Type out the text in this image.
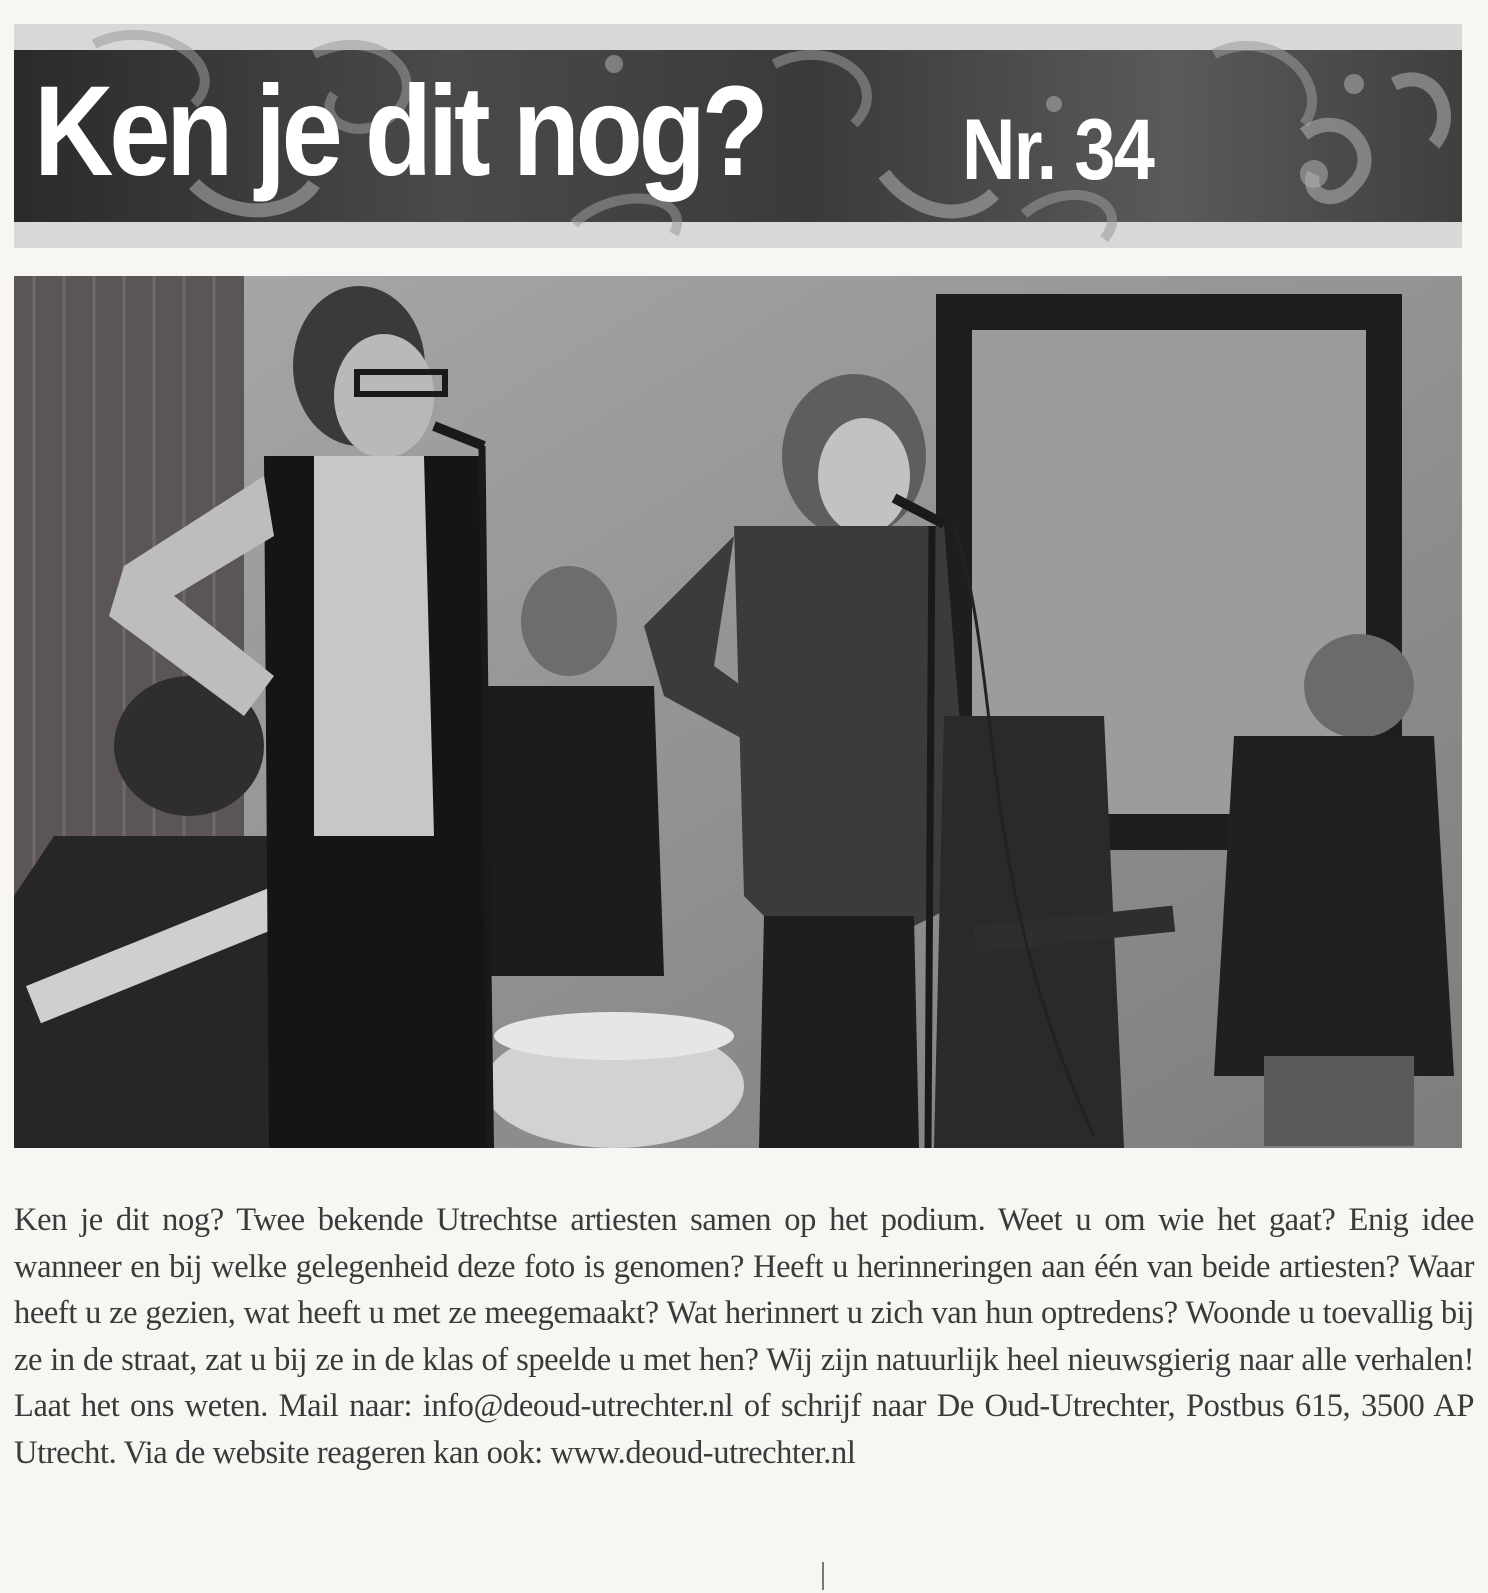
Ken je dit nog? Nr. 34

Ken je dit nog? Twee bekende Utrechtse artiesten samen op het podium. Weet u om wie het gaat? Enig idee wanneer en bij welke gelegenheid deze foto is genomen? Heeft u herinneringen aan één van beide artiesten? Waar heeft u ze gezien, wat heeft u met ze meegemaakt? Wat herinnert u zich van hun optredens? Woonde u toevallig bij ze in de straat, zat u bij ze in de klas of speelde u met hen? Wij zijn natuurlijk heel nieuwsgierig naar alle verhalen! Laat het ons weten. Mail naar: info@deoud-utrechter.nl of schrijf naar De Oud-Utrechter, Postbus 615, 3500 AP Utrecht. Via de website reageren kan ook: www.deoud-utrechter.nl
